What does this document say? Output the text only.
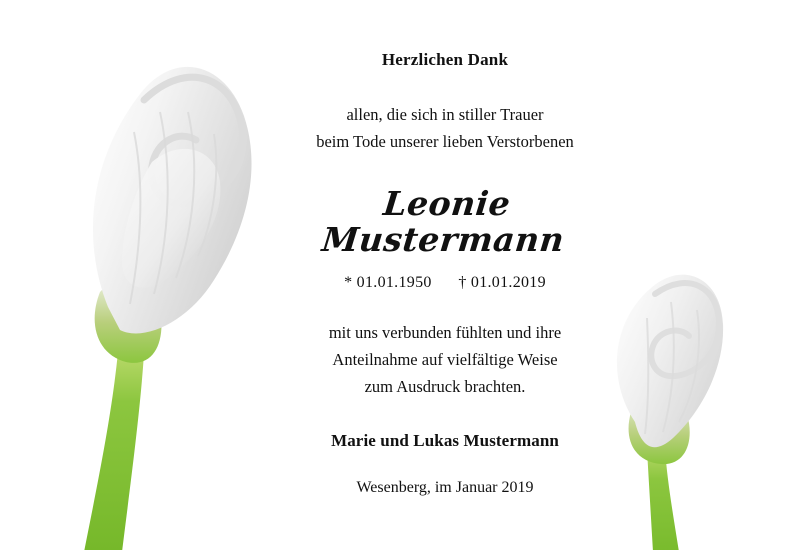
Herzlichen Dank
allen, die sich in stiller Trauer
beim Tode unserer lieben Verstorbenen
Leonie Mustermann
* 01.01.1950 † 01.01.2019
mit uns verbunden fühlten und ihre
Anteilnahme auf vielfältige Weise
zum Ausdruck brachten.
Marie und Lukas Mustermann
Wesenberg, im Januar 2019
